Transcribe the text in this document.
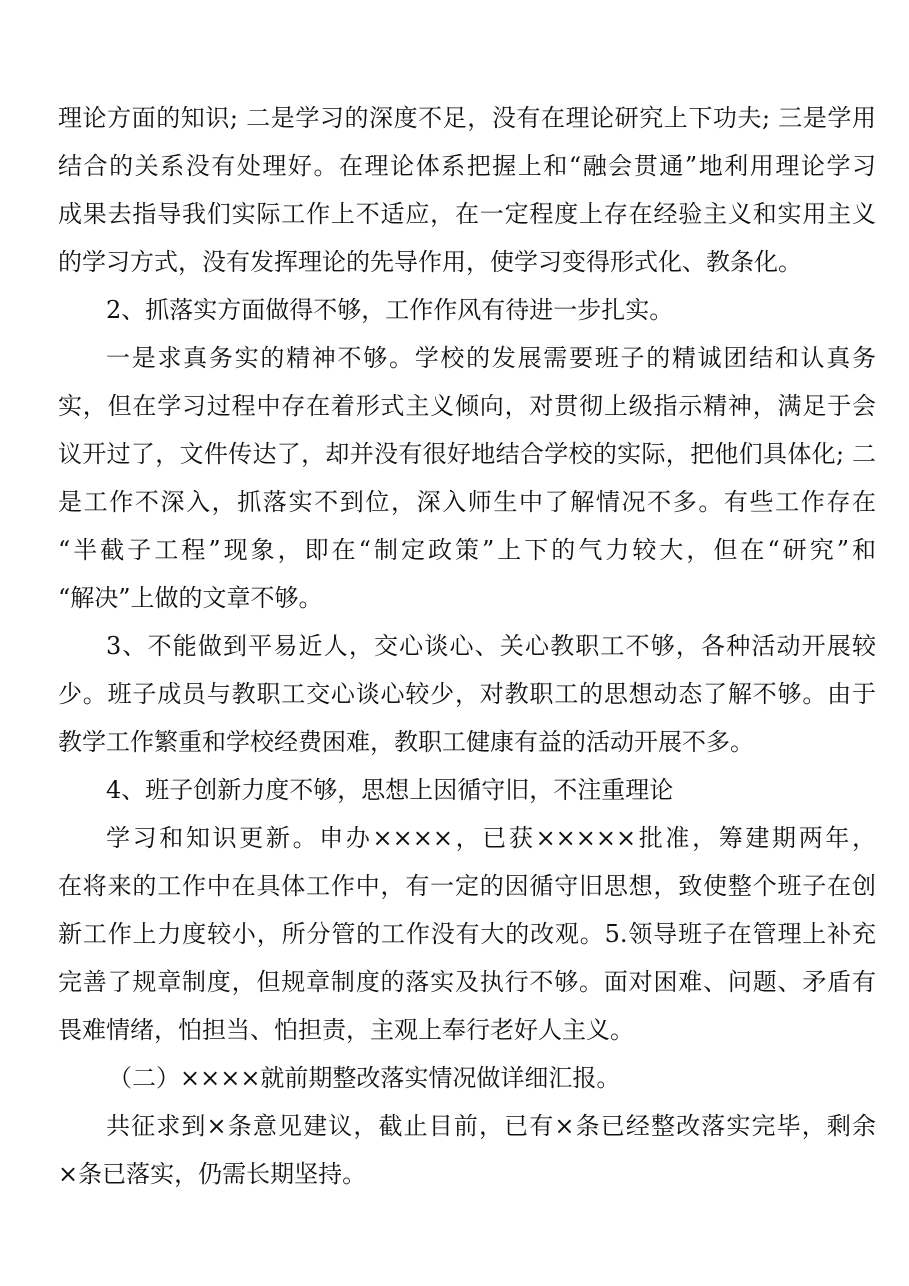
理论方面的知识; 二是学习的深度不足，没有在理论研究上下功夫; 三是学用
结合的关系没有处理好。在理论体系把握上和“融会贯通”地利用理论学习
成果去指导我们实际工作上不适应，在一定程度上存在经验主义和实用主义
的学习方式，没有发挥理论的先导作用，使学习变得形式化、教条化。
2、抓落实方面做得不够，工作作风有待进一步扎实。
一是求真务实的精神不够。学校的发展需要班子的精诚团结和认真务
实，但在学习过程中存在着形式主义倾向，对贯彻上级指示精神，满足于会
议开过了，文件传达了，却并没有很好地结合学校的实际，把他们具体化; 二
是工作不深入，抓落实不到位，深入师生中了解情况不多。有些工作存在
“半截子工程”现象，即在“制定政策”上下的气力较大，但在“研究”和
“解决”上做的文章不够。
3、不能做到平易近人，交心谈心、关心教职工不够，各种活动开展较
少。班子成员与教职工交心谈心较少，对教职工的思想动态了解不够。由于
教学工作繁重和学校经费困难，教职工健康有益的活动开展不多。
4、班子创新力度不够，思想上因循守旧，不注重理论
学习和知识更新。申办××××，已获×××××批准，筹建期两年，
在将来的工作中在具体工作中，有一定的因循守旧思想，致使整个班子在创
新工作上力度较小，所分管的工作没有大的改观。5.领导班子在管理上补充
完善了规章制度，但规章制度的落实及执行不够。面对困难、问题、矛盾有
畏难情绪，怕担当、怕担责，主观上奉行老好人主义。
（二）××××就前期整改落实情况做详细汇报。
共征求到×条意见建议，截止目前，已有×条已经整改落实完毕，剩余
×条已落实，仍需长期坚持。
